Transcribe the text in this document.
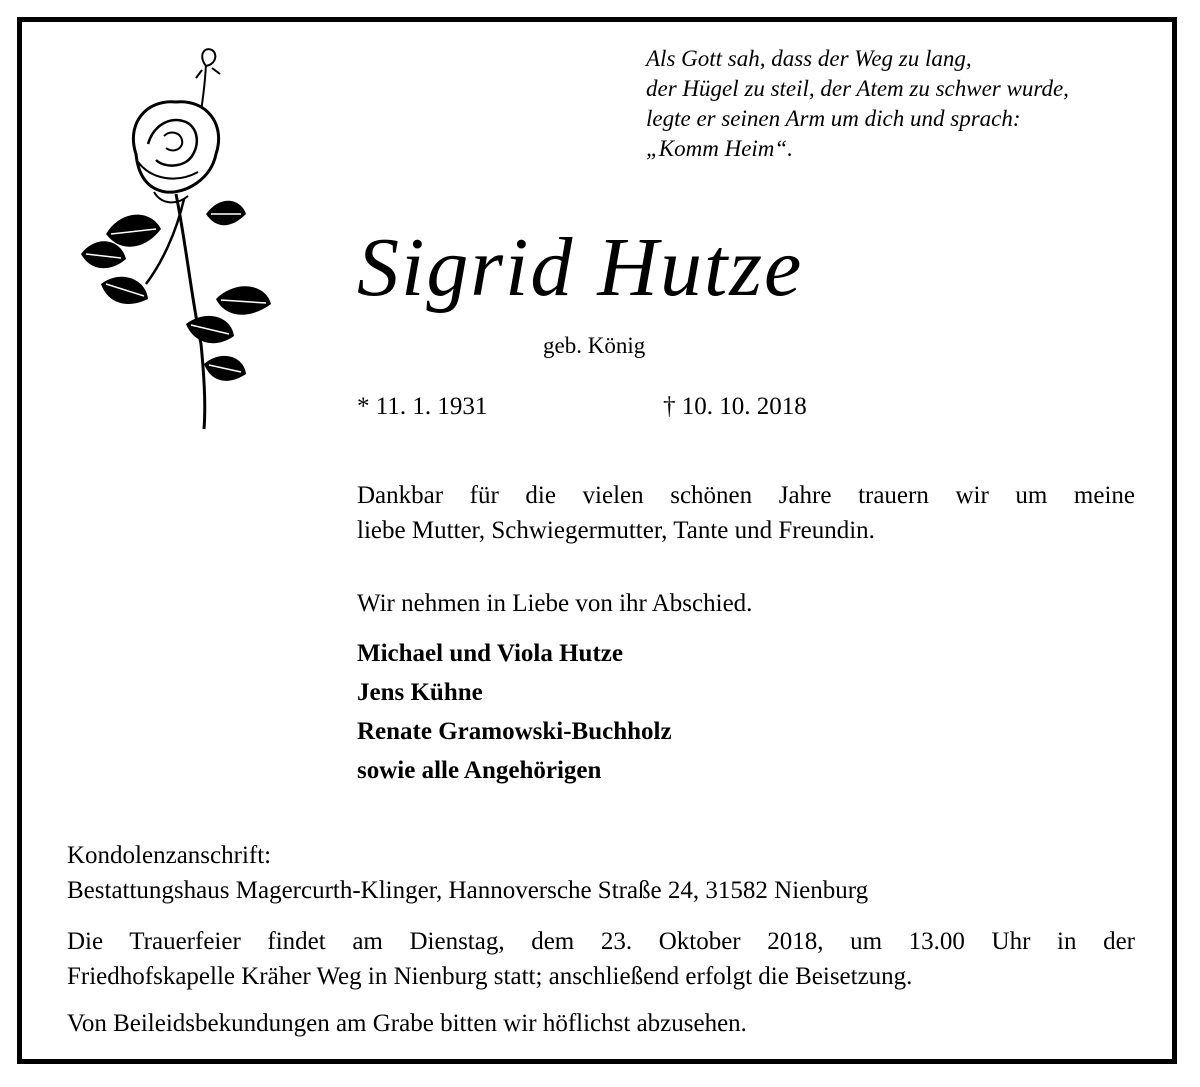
Als Gott sah, dass der Weg zu lang,
der Hügel zu steil, der Atem zu schwer wurde,
legte er seinen Arm um dich und sprach:
„Komm Heim“.
Sigrid Hutze
geb. König
* 11. 1. 1931	† 10. 10. 2018
Dankbar für die vielen schönen Jahre trauern wir um meine
liebe Mutter, Schwiegermutter, Tante und Freundin.
Wir nehmen in Liebe von ihr Abschied.
Michael und Viola Hutze
Jens Kühne
Renate Gramowski-Buchholz
sowie alle Angehörigen
Kondolenzanschrift:
Bestattungshaus Magercurth-Klinger, Hannoversche Straße 24, 31582 Nienburg
Die Trauerfeier findet am Dienstag, dem 23. Oktober 2018, um 13.00 Uhr in der
Friedhofskapelle Kräher Weg in Nienburg statt; anschließend erfolgt die Beisetzung.
Von Beileidsbekundungen am Grabe bitten wir höflichst abzusehen.
